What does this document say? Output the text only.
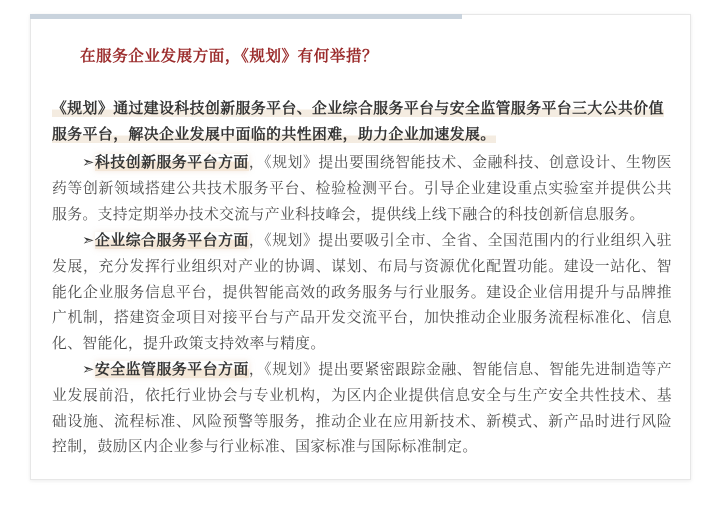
在服务企业发展方面，《规划》有何举措？
《规划》通过建设科技创新服务平台、企业综合服务平台与安全监管服务平台三大公共价值服务平台，解决企业发展中面临的共性困难，助力企业加速发展。
➣科技创新服务平台方面，《规划》提出要围绕智能技术、金融科技、创意设计、生物医药等创新领域搭建公共技术服务平台、检验检测平台。引导企业建设重点实验室并提供公共服务。支持定期举办技术交流与产业科技峰会，提供线上线下融合的科技创新信息服务。
➣企业综合服务平台方面，《规划》提出要吸引全市、全省、全国范围内的行业组织入驻发展，充分发挥行业组织对产业的协调、谋划、布局与资源优化配置功能。建设一站化、智能化企业服务信息平台，提供智能高效的政务服务与行业服务。建设企业信用提升与品牌推广机制，搭建资金项目对接平台与产品开发交流平台，加快推动企业服务流程标准化、信息化、智能化，提升政策支持效率与精度。
➣安全监管服务平台方面，《规划》提出要紧密跟踪金融、智能信息、智能先进制造等产业发展前沿，依托行业协会与专业机构，为区内企业提供信息安全与生产安全共性技术、基础设施、流程标准、风险预警等服务，推动企业在应用新技术、新模式、新产品时进行风险控制，鼓励区内企业参与行业标准、国家标准与国际标准制定。
